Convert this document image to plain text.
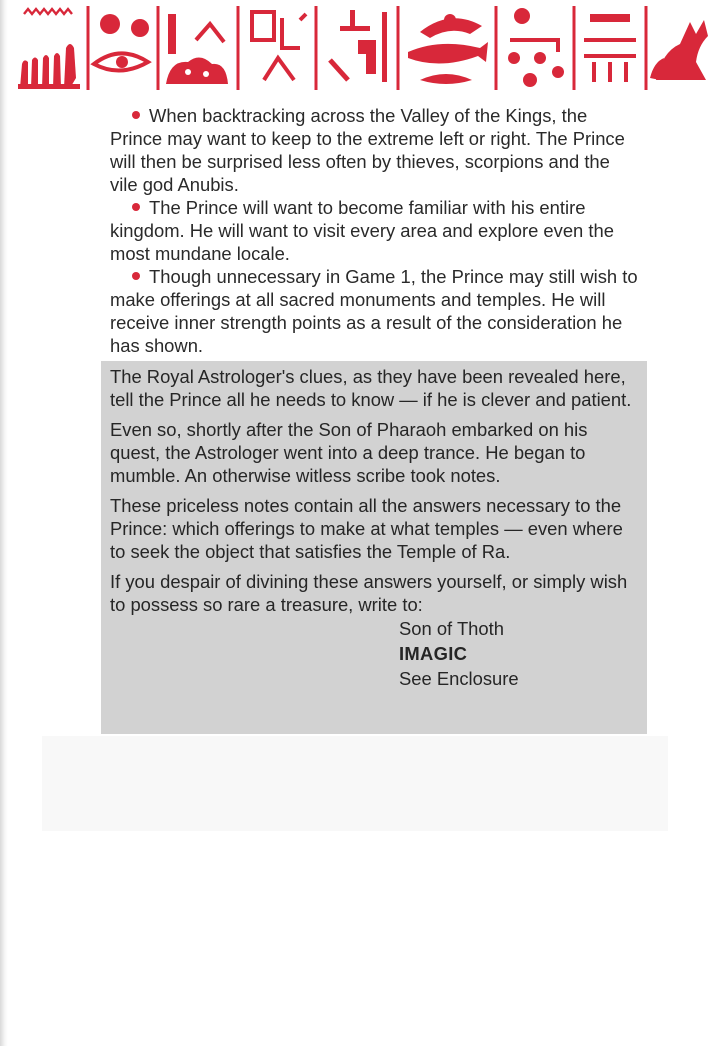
When backtracking across the Valley of the Kings, the Prince may want to keep to the extreme left or right. The Prince will then be surprised less often by thieves, scorpions and the vile god Anubis.

The Prince will want to become familiar with his entire kingdom. He will want to visit every area and explore even the most mundane locale.

Though unnecessary in Game 1, the Prince may still wish to make offerings at all sacred monuments and temples. He will receive inner strength points as a result of the consideration he has shown.

The Royal Astrologer's clues, as they have been revealed here, tell the Prince all he needs to know — if he is clever and patient.

Even so, shortly after the Son of Pharaoh embarked on his quest, the Astrologer went into a deep trance. He began to mumble. An otherwise witless scribe took notes.

These priceless notes contain all the answers necessary to the Prince: which offerings to make at what temples — even where to seek the object that satisfies the Temple of Ra.

If you despair of divining these answers yourself, or simply wish to possess so rare a treasure, write to:

Son of Thoth
IMAGIC
See Enclosure
